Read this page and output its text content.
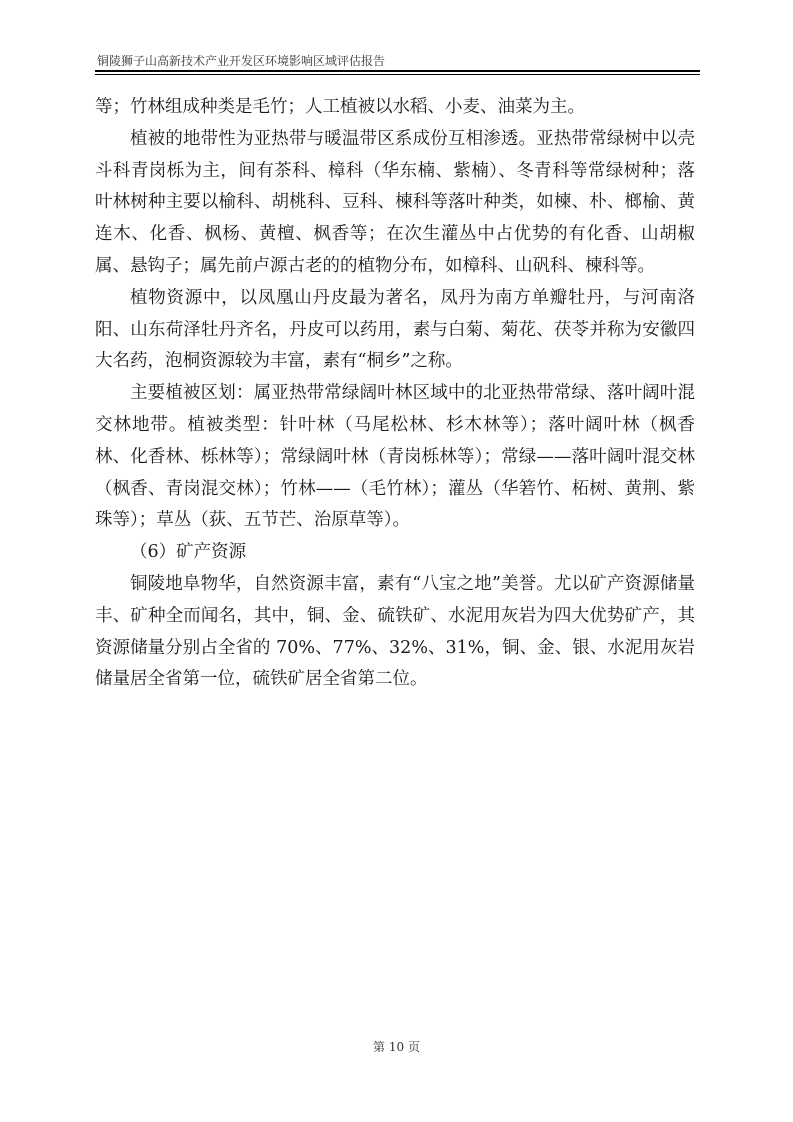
铜陵狮子山高新技术产业开发区环境影响区域评估报告

等；竹林组成种类是毛竹；人工植被以水稻、小麦、油菜为主。

植被的地带性为亚热带与暖温带区系成份互相渗透。亚热带常绿树中以壳斗科青岗栎为主，间有茶科、樟科（华东楠、紫楠）、冬青科等常绿树种；落叶林树种主要以榆科、胡桃科、豆科、楝科等落叶种类，如楝、朴、榔榆、黄连木、化香、枫杨、黄檀、枫香等；在次生灌丛中占优势的有化香、山胡椒属、悬钩子；属先前卢源古老的的植物分布，如樟科、山矾科、楝科等。

植物资源中，以凤凰山丹皮最为著名，凤丹为南方单瓣牡丹，与河南洛阳、山东荷泽牡丹齐名，丹皮可以药用，素与白菊、菊花、茯苓并称为安徽四大名药，泡桐资源较为丰富，素有“桐乡”之称。

主要植被区划：属亚热带常绿阔叶林区域中的北亚热带常绿、落叶阔叶混交林地带。植被类型：针叶林（马尾松林、杉木林等）；落叶阔叶林（枫香林、化香林、栎林等）；常绿阔叶林（青岗栎林等）；常绿——落叶阔叶混交林（枫香、青岗混交林）；竹林——（毛竹林）；灌丛（华箬竹、柘树、黄荆、紫珠等）；草丛（荻、五节芒、治原草等）。

（6）矿产资源

铜陵地阜物华，自然资源丰富，素有“八宝之地”美誉。尤以矿产资源储量丰、矿种全而闻名，其中，铜、金、硫铁矿、水泥用灰岩为四大优势矿产，其资源储量分别占全省的 70%、77%、32%、31%，铜、金、银、水泥用灰岩储量居全省第一位，硫铁矿居全省第二位。

第 10 页
